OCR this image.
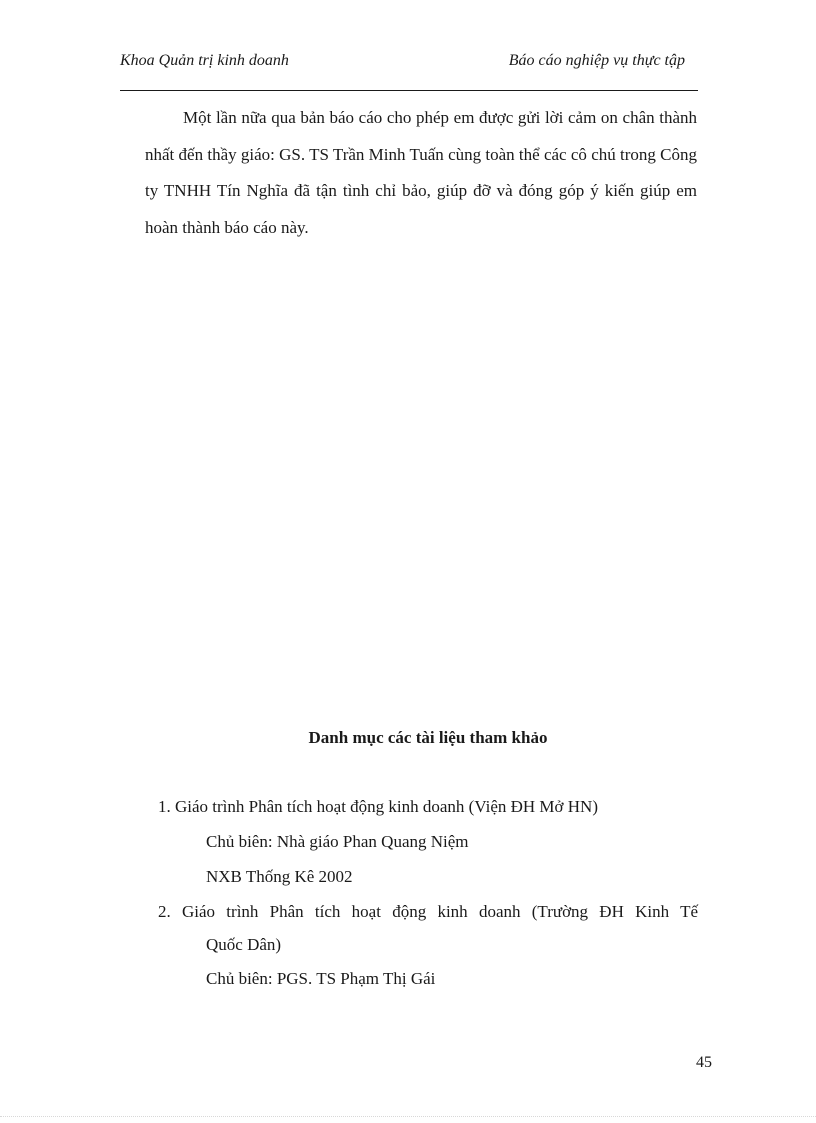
Khoa Quản trị kinh doanh	Báo cáo nghiệp vụ thực tập

Một lần nữa qua bản báo cáo cho phép em được gửi lời cảm on chân thành nhất đến thầy giáo: GS. TS Trần Minh Tuấn cùng toàn thể các cô chú trong Công ty TNHH Tín Nghĩa đã tận tình chỉ bảo, giúp đỡ và đóng góp ý kiến giúp em hoàn thành báo cáo này.

Danh mục các tài liệu tham khảo
1. Giáo trình Phân tích hoạt động kinh doanh (Viện ĐH Mở HN)
Chủ biên: Nhà giáo Phan Quang Niệm
NXB Thống Kê 2002
2. Giáo trình Phân tích hoạt động kinh doanh (Trường ĐH Kinh Tế
Quốc Dân)
Chủ biên: PGS. TS Phạm Thị Gái
45
